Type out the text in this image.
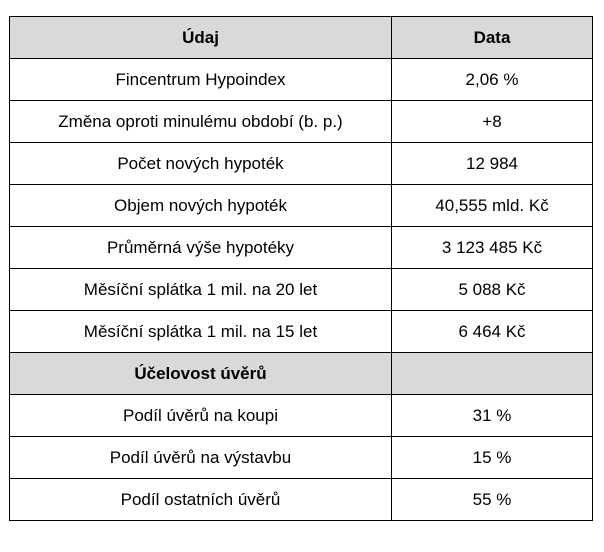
Údaj	Data
Fincentrum Hypoindex	2,06 %
Změna oproti minulému období (b. p.)	+8
Počet nových hypoték	12 984
Objem nových hypoték	40,555 mld. Kč
Průměrná výše hypotéky	3 123 485 Kč
Měsíční splátka 1 mil. na 20 let	5 088 Kč
Měsíční splátka 1 mil. na 15 let	6 464 Kč
Účelovost úvěrů	
Podíl úvěrů na koupi	31 %
Podíl úvěrů na výstavbu	15 %
Podíl ostatních úvěrů	55 %
